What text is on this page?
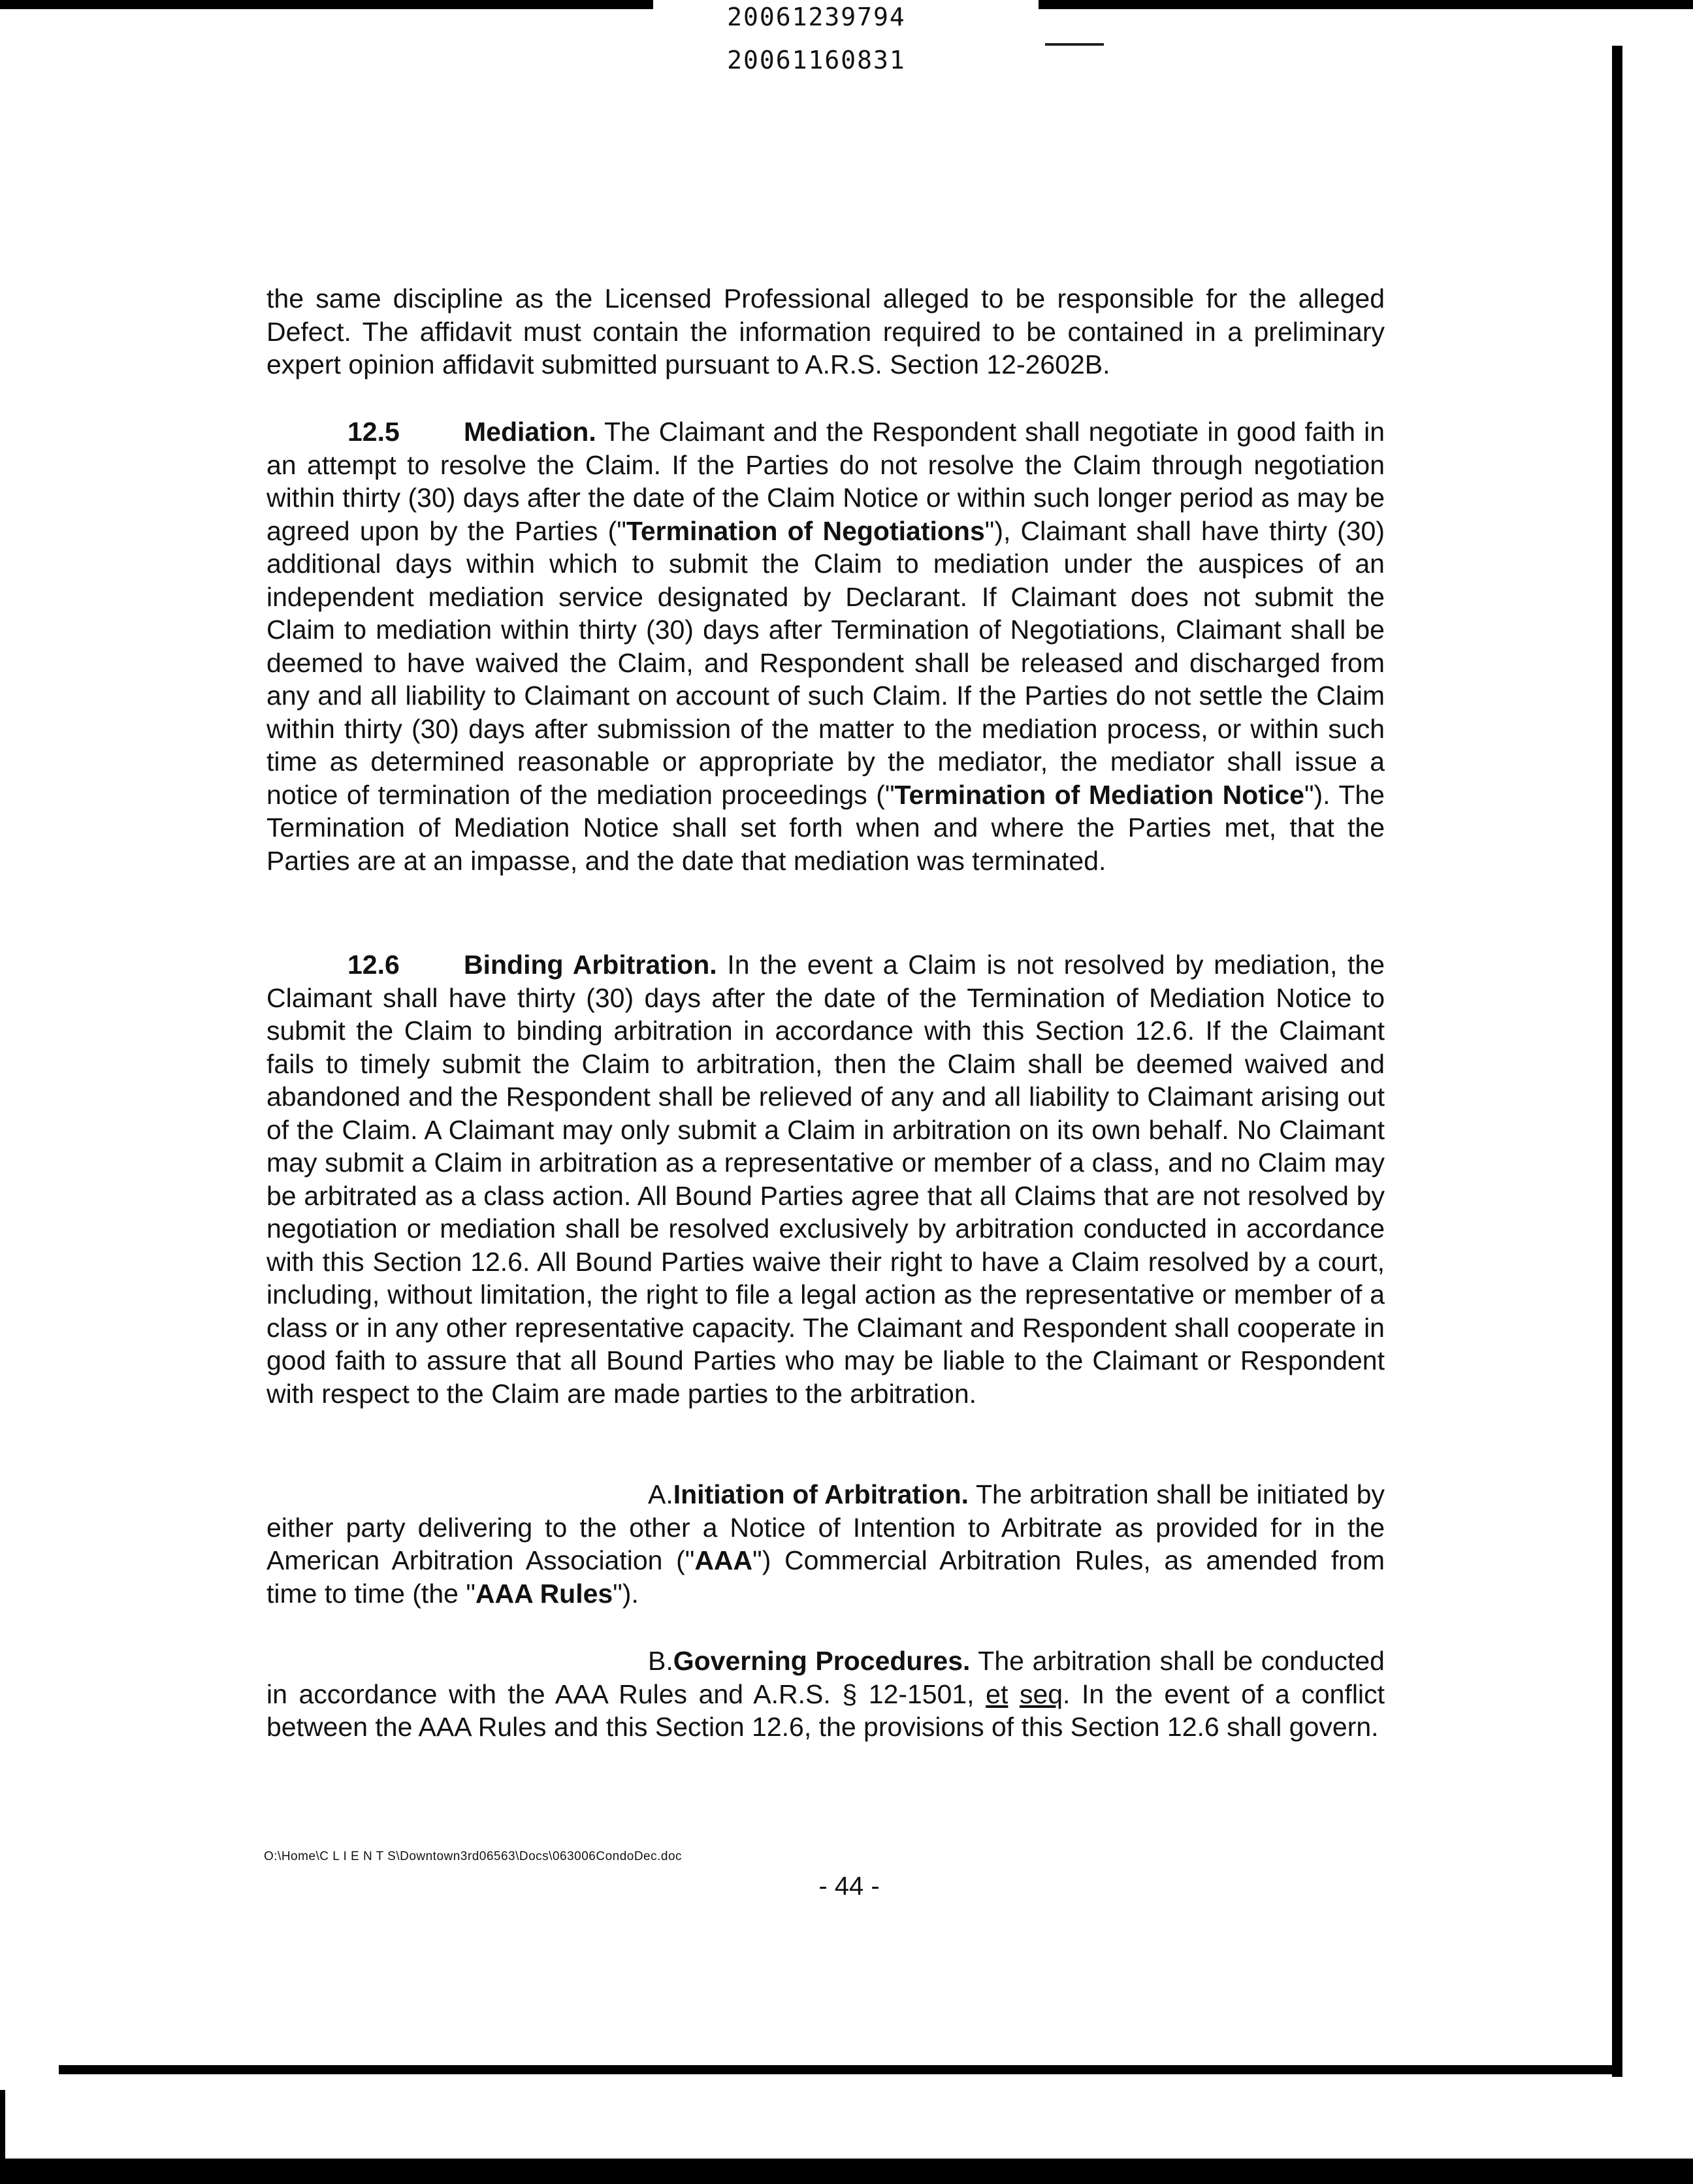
20061239794
20061160831

the same discipline as the Licensed Professional alleged to be responsible for the alleged Defect. The affidavit must contain the information required to be contained in a preliminary expert opinion affidavit submitted pursuant to A.R.S. Section 12-2602B.

12.5 Mediation. The Claimant and the Respondent shall negotiate in good faith in an attempt to resolve the Claim. If the Parties do not resolve the Claim through negotiation within thirty (30) days after the date of the Claim Notice or within such longer period as may be agreed upon by the Parties ("Termination of Negotiations"), Claimant shall have thirty (30) additional days within which to submit the Claim to mediation under the auspices of an independent mediation service designated by Declarant. If Claimant does not submit the Claim to mediation within thirty (30) days after Termination of Negotiations, Claimant shall be deemed to have waived the Claim, and Respondent shall be released and discharged from any and all liability to Claimant on account of such Claim. If the Parties do not settle the Claim within thirty (30) days after submission of the matter to the mediation process, or within such time as determined reasonable or appropriate by the mediator, the mediator shall issue a notice of termination of the mediation proceedings ("Termination of Mediation Notice"). The Termination of Mediation Notice shall set forth when and where the Parties met, that the Parties are at an impasse, and the date that mediation was terminated.

12.6 Binding Arbitration. In the event a Claim is not resolved by mediation, the Claimant shall have thirty (30) days after the date of the Termination of Mediation Notice to submit the Claim to binding arbitration in accordance with this Section 12.6. If the Claimant fails to timely submit the Claim to arbitration, then the Claim shall be deemed waived and abandoned and the Respondent shall be relieved of any and all liability to Claimant arising out of the Claim. A Claimant may only submit a Claim in arbitration on its own behalf. No Claimant may submit a Claim in arbitration as a representative or member of a class, and no Claim may be arbitrated as a class action. All Bound Parties agree that all Claims that are not resolved by negotiation or mediation shall be resolved exclusively by arbitration conducted in accordance with this Section 12.6. All Bound Parties waive their right to have a Claim resolved by a court, including, without limitation, the right to file a legal action as the representative or member of a class or in any other representative capacity. The Claimant and Respondent shall cooperate in good faith to assure that all Bound Parties who may be liable to the Claimant or Respondent with respect to the Claim are made parties to the arbitration.

A.Initiation of Arbitration. The arbitration shall be initiated by either party delivering to the other a Notice of Intention to Arbitrate as provided for in the American Arbitration Association ("AAA") Commercial Arbitration Rules, as amended from time to time (the "AAA Rules").

B.Governing Procedures. The arbitration shall be conducted in accordance with the AAA Rules and A.R.S. § 12-1501, et seq. In the event of a conflict between the AAA Rules and this Section 12.6, the provisions of this Section 12.6 shall govern.

O:\Home\C L I E N T S\Downtown3rd06563\Docs\063006CondoDec.doc
- 44 -
